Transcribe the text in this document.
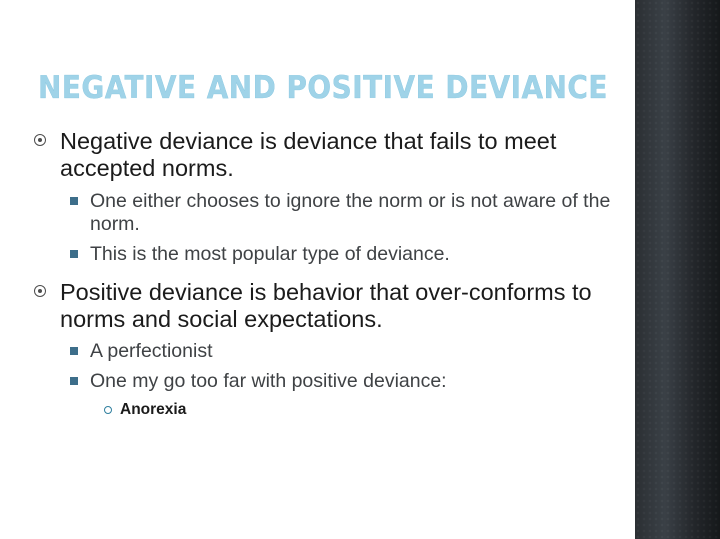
NEGATIVE AND POSITIVE DEVIANCE
Negative deviance is deviance that fails to meet accepted norms.
One either chooses to ignore the norm or is not aware of the norm.
This is the most popular type of deviance.
Positive deviance is behavior that over-conforms to norms and social expectations.
A perfectionist
One my go too far with positive deviance:
Anorexia
